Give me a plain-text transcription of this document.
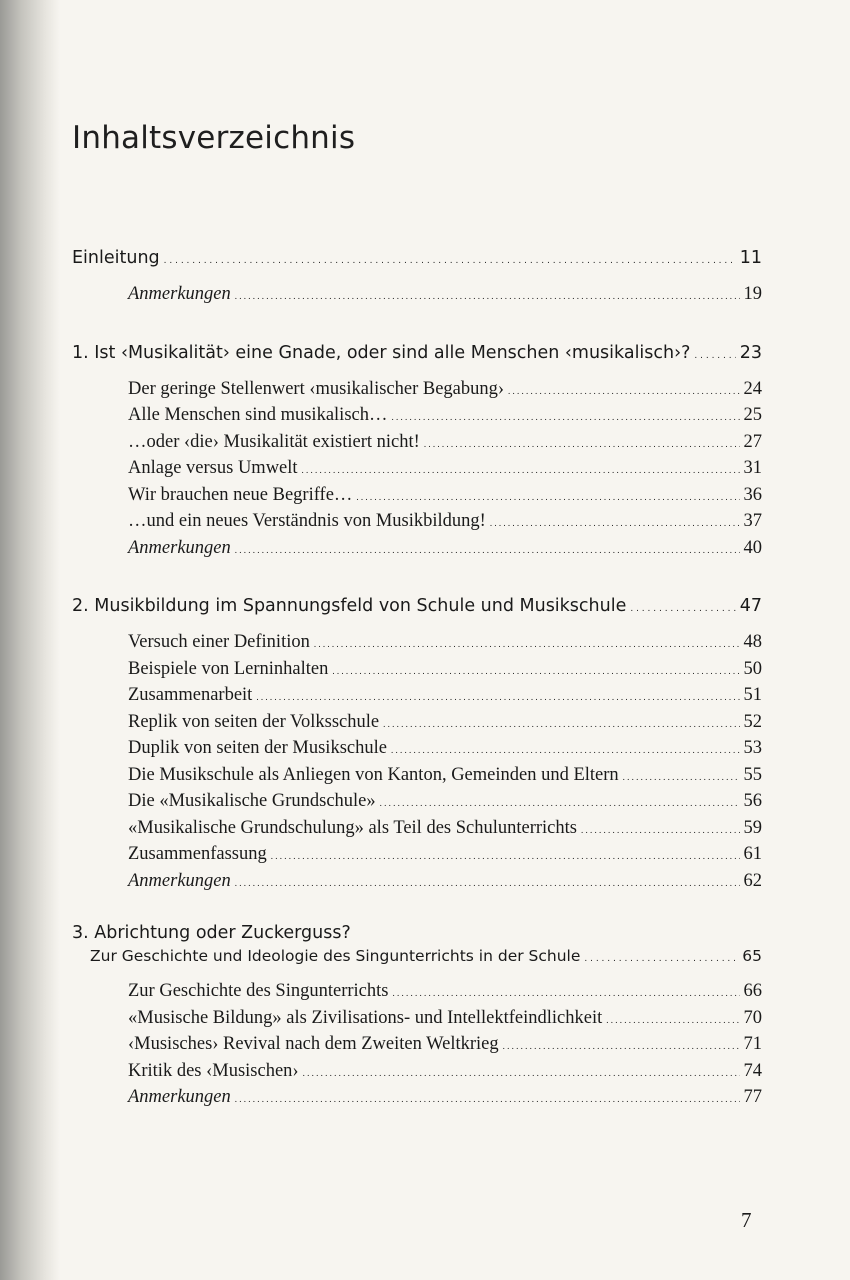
Inhaltsverzeichnis
Einleitung . . .	11
Anmerkungen . . .	19
1. Ist ‹Musikalität› eine Gnade, oder sind alle Menschen ‹musikalisch›? . . .	23
Der geringe Stellenwert ‹musikalischer Begabung› . . .	24
Alle Menschen sind musikalisch… . . .	25
…oder ‹die› Musikalität existiert nicht! . . .	27
Anlage versus Umwelt . . .	31
Wir brauchen neue Begriffe… . . .	36
…und ein neues Verständnis von Musikbildung! . . .	37
Anmerkungen . . .	40
2. Musikbildung im Spannungsfeld von Schule und Musikschule . . .	47
Versuch einer Definition . . .	48
Beispiele von Lerninhalten . . .	50
Zusammenarbeit . . .	51
Replik von seiten der Volksschule . . .	52
Duplik von seiten der Musikschule . . .	53
Die Musikschule als Anliegen von Kanton, Gemeinden und Eltern . . .	55
Die «Musikalische Grundschule» . . .	56
«Musikalische Grundschulung» als Teil des Schulunterrichts . . .	59
Zusammenfassung . . .	61
Anmerkungen . . .	62
3. Abrichtung oder Zuckerguss?
Zur Geschichte und Ideologie des Singunterrichts in der Schule . . .	65
Zur Geschichte des Singunterrichts . . .	66
«Musische Bildung» als Zivilisations- und Intellektfeindlichkeit . . .	70
‹Musisches› Revival nach dem Zweiten Weltkrieg . . .	71
Kritik des ‹Musischen› . . .	74
Anmerkungen . . .	77
7
